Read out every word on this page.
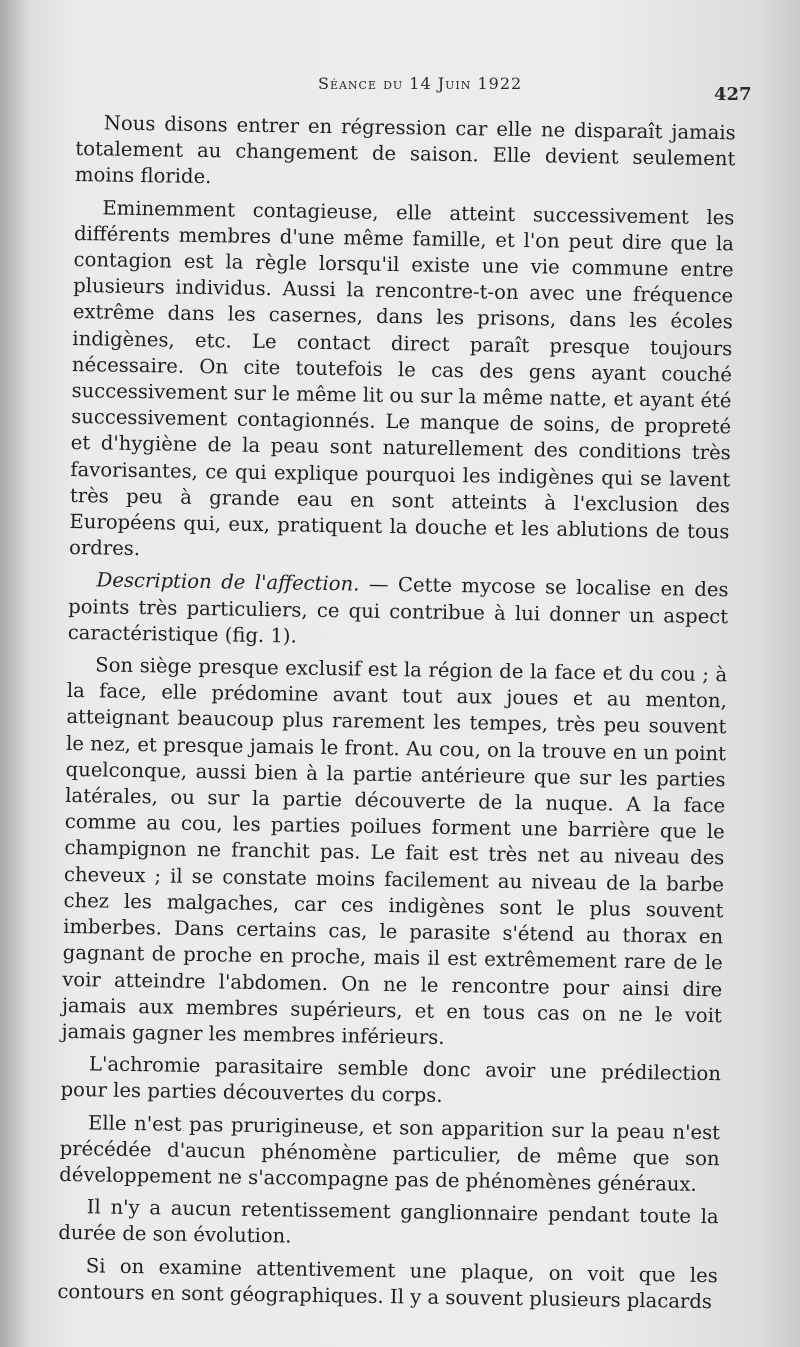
Séance du 14 Juin 1922
427

Nous disons entrer en régression car elle ne disparaît jamais totalement au changement de saison. Elle devient seulement moins floride.

Eminemment contagieuse, elle atteint successivement les différents membres d'une même famille, et l'on peut dire que la contagion est la règle lorsqu'il existe une vie commune entre plusieurs individus. Aussi la rencontre-t-on avec une fréquence extrême dans les casernes, dans les prisons, dans les écoles indigènes, etc. Le contact direct paraît presque toujours nécessaire. On cite toutefois le cas des gens ayant couché successivement sur le même lit ou sur la même natte, et ayant été successivement contagionnés. Le manque de soins, de propreté et d'hygiène de la peau sont naturellement des conditions très favorisantes, ce qui explique pourquoi les indigènes qui se lavent très peu à grande eau en sont atteints à l'exclusion des Européens qui, eux, pratiquent la douche et les ablutions de tous ordres.

Description de l'affection. — Cette mycose se localise en des points très particuliers, ce qui contribue à lui donner un aspect caractéristique (fig. 1).

Son siège presque exclusif est la région de la face et du cou ; à la face, elle prédomine avant tout aux joues et au menton, atteignant beaucoup plus rarement les tempes, très peu souvent le nez, et presque jamais le front. Au cou, on la trouve en un point quelconque, aussi bien à la partie antérieure que sur les parties latérales, ou sur la partie découverte de la nuque. A la face comme au cou, les parties poilues forment une barrière que le champignon ne franchit pas. Le fait est très net au niveau des cheveux ; il se constate moins facilement au niveau de la barbe chez les malgaches, car ces indigènes sont le plus souvent imberbes. Dans certains cas, le parasite s'étend au thorax en gagnant de proche en proche, mais il est extrêmement rare de le voir atteindre l'abdomen. On ne le rencontre pour ainsi dire jamais aux membres supérieurs, et en tous cas on ne le voit jamais gagner les membres inférieurs.

L'achromie parasitaire semble donc avoir une prédilection pour les parties découvertes du corps.

Elle n'est pas prurigineuse, et son apparition sur la peau n'est précédée d'aucun phénomène particulier, de même que son développement ne s'accompagne pas de phénomènes généraux.

Il n'y a aucun retentissement ganglionnaire pendant toute la durée de son évolution.

Si on examine attentivement une plaque, on voit que les contours en sont géographiques. Il y a souvent plusieurs placards
